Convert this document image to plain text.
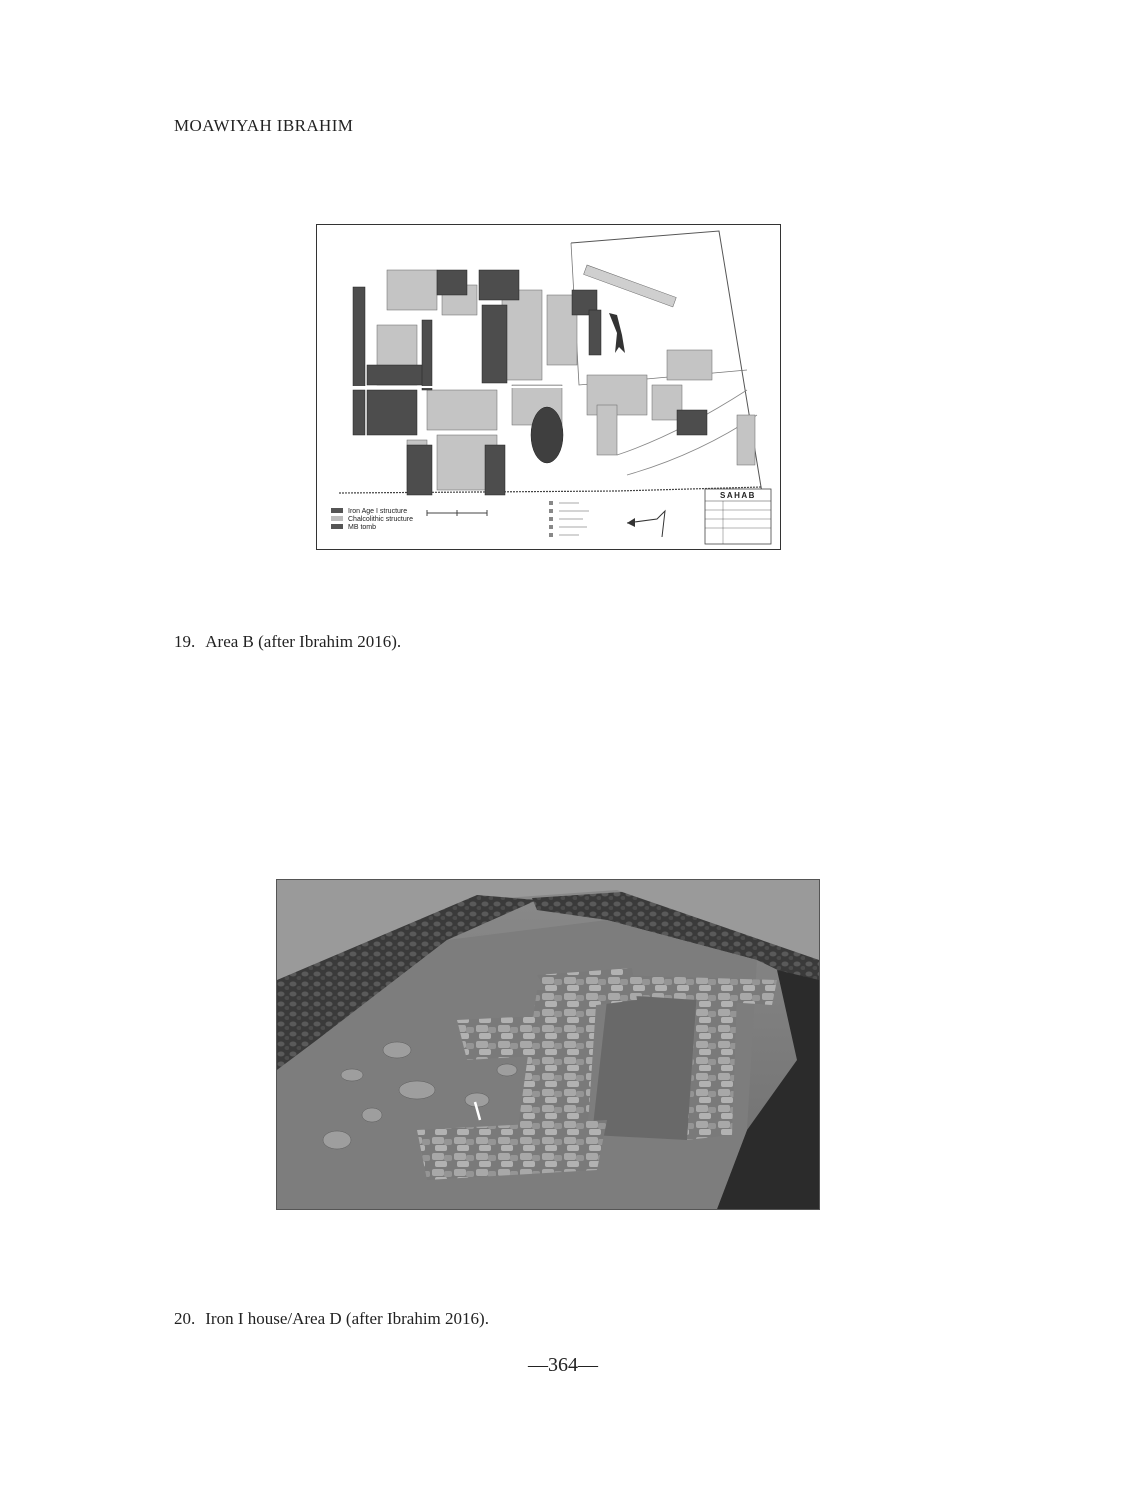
MOAWIYAH IBRAHIM
Iron Age I structure
Chalcolithic structure
MB tomb
SAHAB
19. Area B (after Ibrahim 2016).
20. Iron I house/Area D (after Ibrahim 2016).
—364—
